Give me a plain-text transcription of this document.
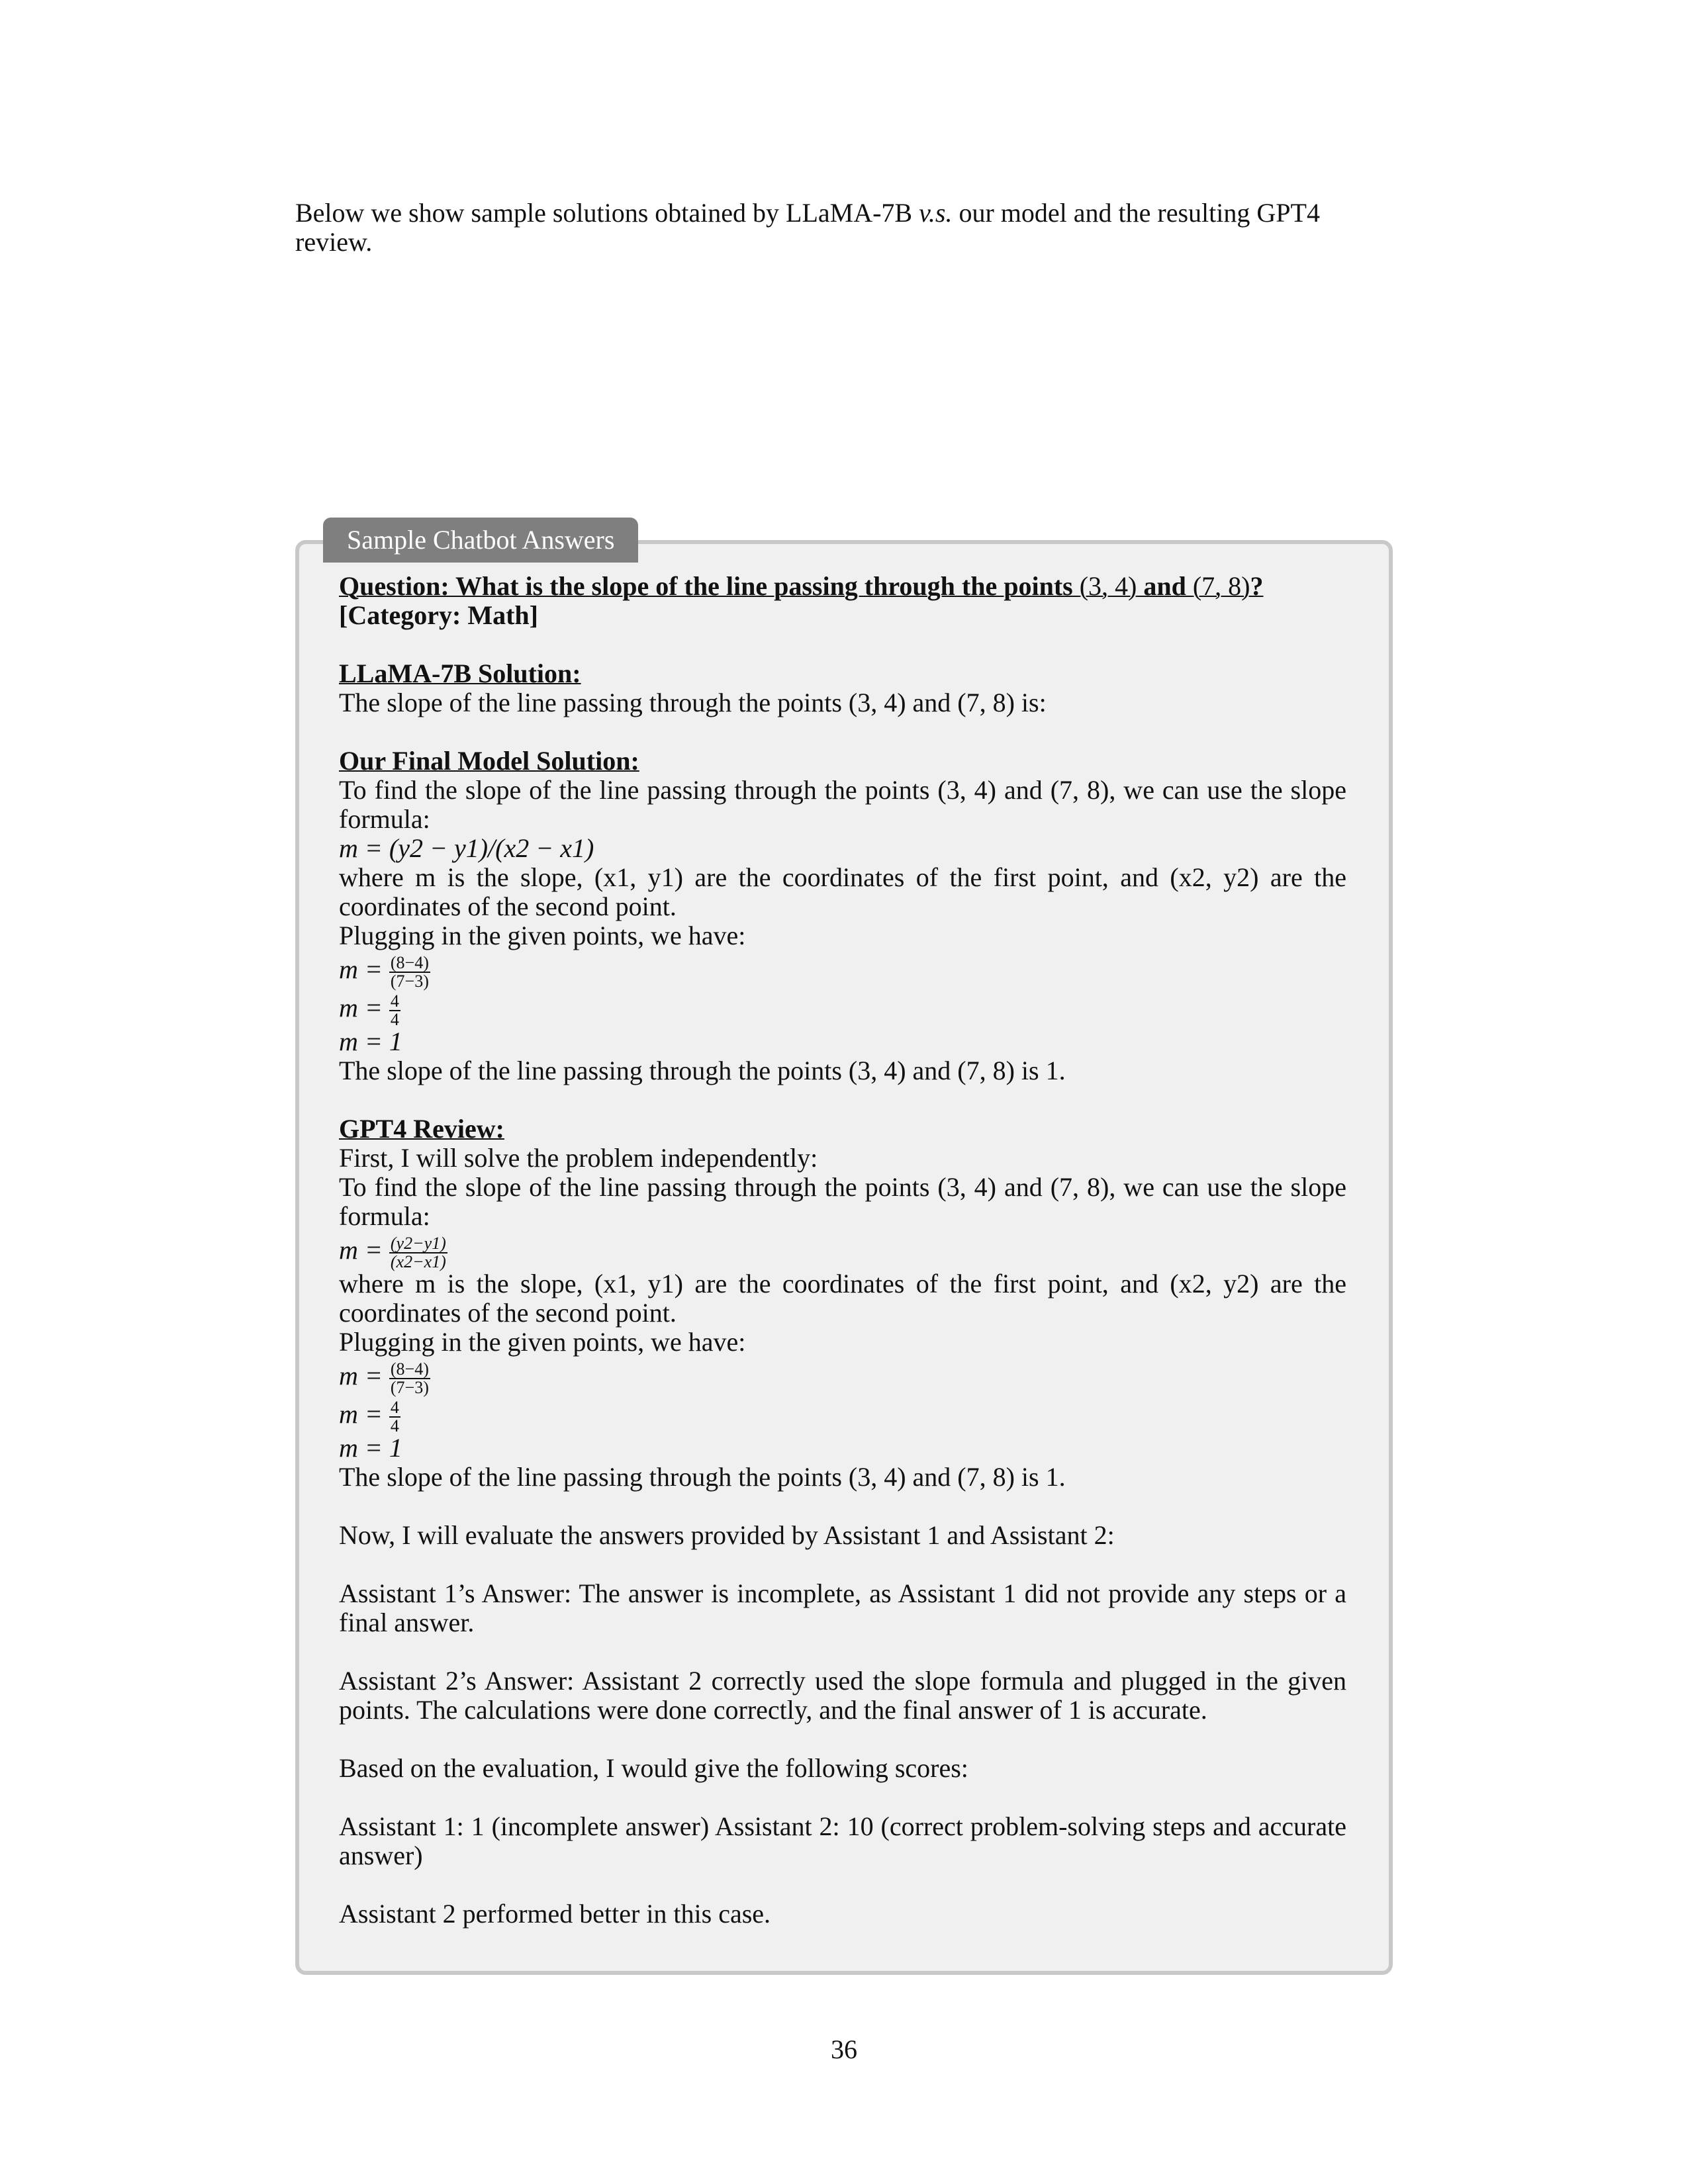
Below we show sample solutions obtained by LLaMA-7B v.s. our model and the resulting GPT4 review.

Question: What is the slope of the line passing through the points (3, 4) and (7, 8)?
[Category: Math]

LLaMA-7B Solution:

The slope of the line passing through the points (3, 4) and (7, 8) is:

Our Final Model Solution:

To find the slope of the line passing through the points (3, 4) and (7, 8), we can use the slope formula:

m = (y2 − y1)/(x2 − x1)

where m is the slope, (x1, y1) are the coordinates of the first point, and (x2, y2) are the coordinates of the second point.

Plugging in the given points, we have:

$m = \frac{(8-4)}{(7-3)}$

$m = \frac{4}{4}$

m = 1

The slope of the line passing through the points (3, 4) and (7, 8) is 1.

GPT4 Review:

First, I will solve the problem independently:

To find the slope of the line passing through the points (3, 4) and (7, 8), we can use the slope formula:

$m = \frac{(y2-y1)}{(x2-x1)}$

where m is the slope, (x1, y1) are the coordinates of the first point, and (x2, y2) are the coordinates of the second point.

Plugging in the given points, we have:

$m = \frac{(8-4)}{(7-3)}$

$m = \frac{4}{4}$

m = 1

The slope of the line passing through the points (3, 4) and (7, 8) is 1.

Now, I will evaluate the answers provided by Assistant 1 and Assistant 2:

Assistant 1’s Answer: The answer is incomplete, as Assistant 1 did not provide any steps or a final answer.

Assistant 2’s Answer: Assistant 2 correctly used the slope formula and plugged in the given points. The calculations were done correctly, and the final answer of 1 is accurate.

Based on the evaluation, I would give the following scores:

Assistant 1: 1 (incomplete answer) Assistant 2: 10 (correct problem-solving steps and accurate answer)

Assistant 2 performed better in this case.

Sample Chatbot Answers
36
